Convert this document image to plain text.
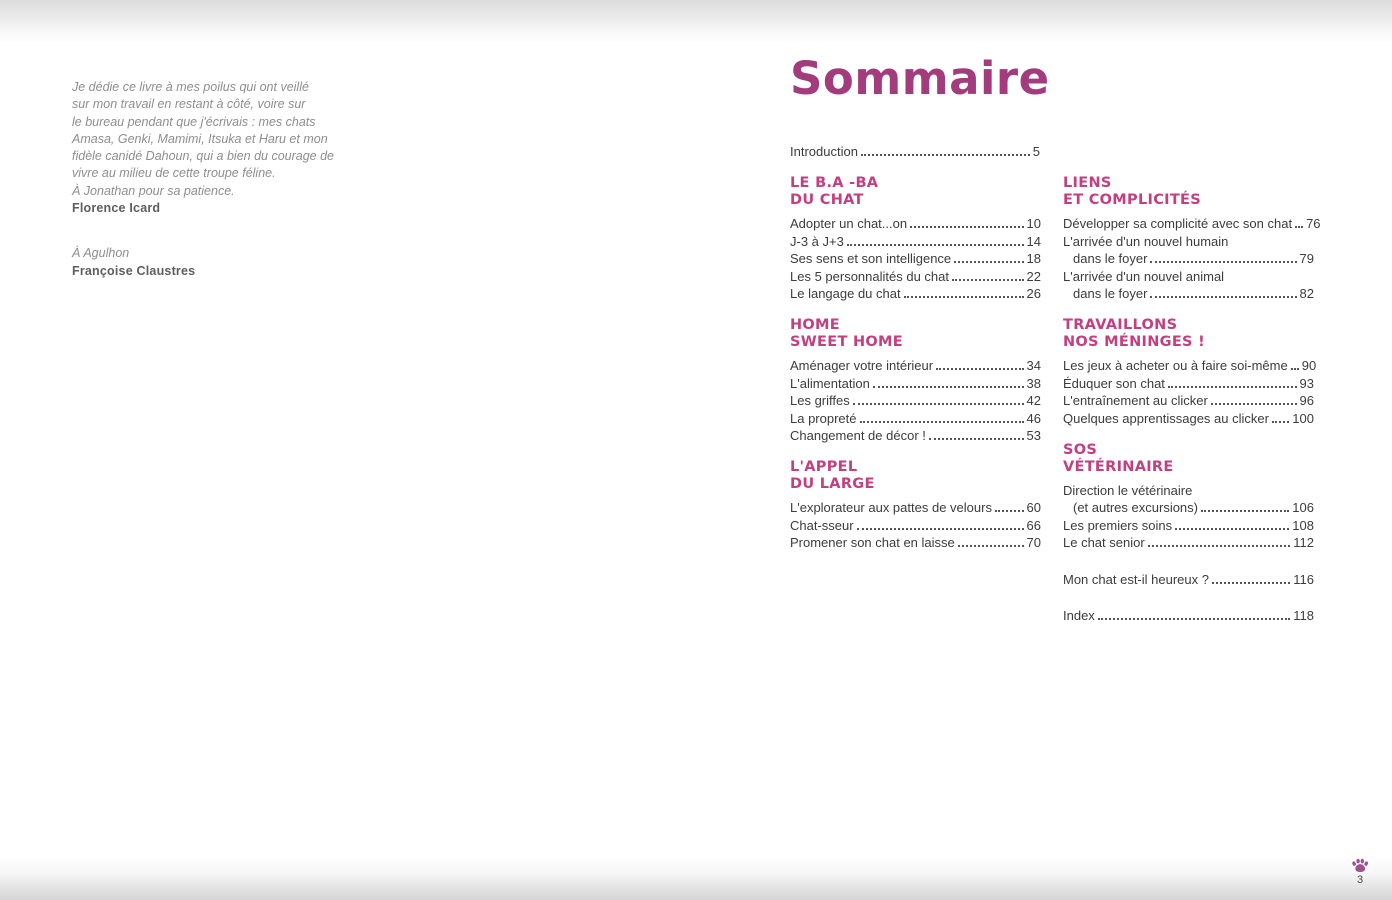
Je dédie ce livre à mes poilus qui ont veillé
sur mon travail en restant à côté, voire sur
le bureau pendant que j'écrivais : mes chats
Amasa, Genki, Mamimi, Itsuka et Haru et mon
fidèle canidé Dahoun, qui a bien du courage de
vivre au milieu de cette troupe féline.
À Jonathan pour sa patience.
Florence Icard
À Agulhon
Françoise Claustres
Sommaire
Introduction	5
LE B.A -BA
DU CHAT
Adopter un chat...on	10
J-3 à J+3	14
Ses sens et son intelligence	18
Les 5 personnalités du chat	22
Le langage du chat	26
HOME
SWEET HOME
Aménager votre intérieur	34
L'alimentation	38
Les griffes	42
La propreté	46
Changement de décor !	53
L'APPEL
DU LARGE
L'explorateur aux pattes de velours	60
Chat-sseur	66
Promener son chat en laisse	70
LIENS
ET COMPLICITÉS
Développer sa complicité avec son chat 76
L'arrivée d'un nouvel humain
dans le foyer	79
L'arrivée d'un nouvel animal
dans le foyer	82
TRAVAILLONS
NOS MÉNINGES !
Les jeux à acheter ou à faire soi-même 90
Éduquer son chat	93
L'entraînement au clicker	96
Quelques apprentissages au clicker 100
SOS
VÉTÉRINAIRE
Direction le vétérinaire
(et autres excursions)	106
Les premiers soins	108
Le chat senior	112
Mon chat est-il heureux ?	116
Index	118
3
